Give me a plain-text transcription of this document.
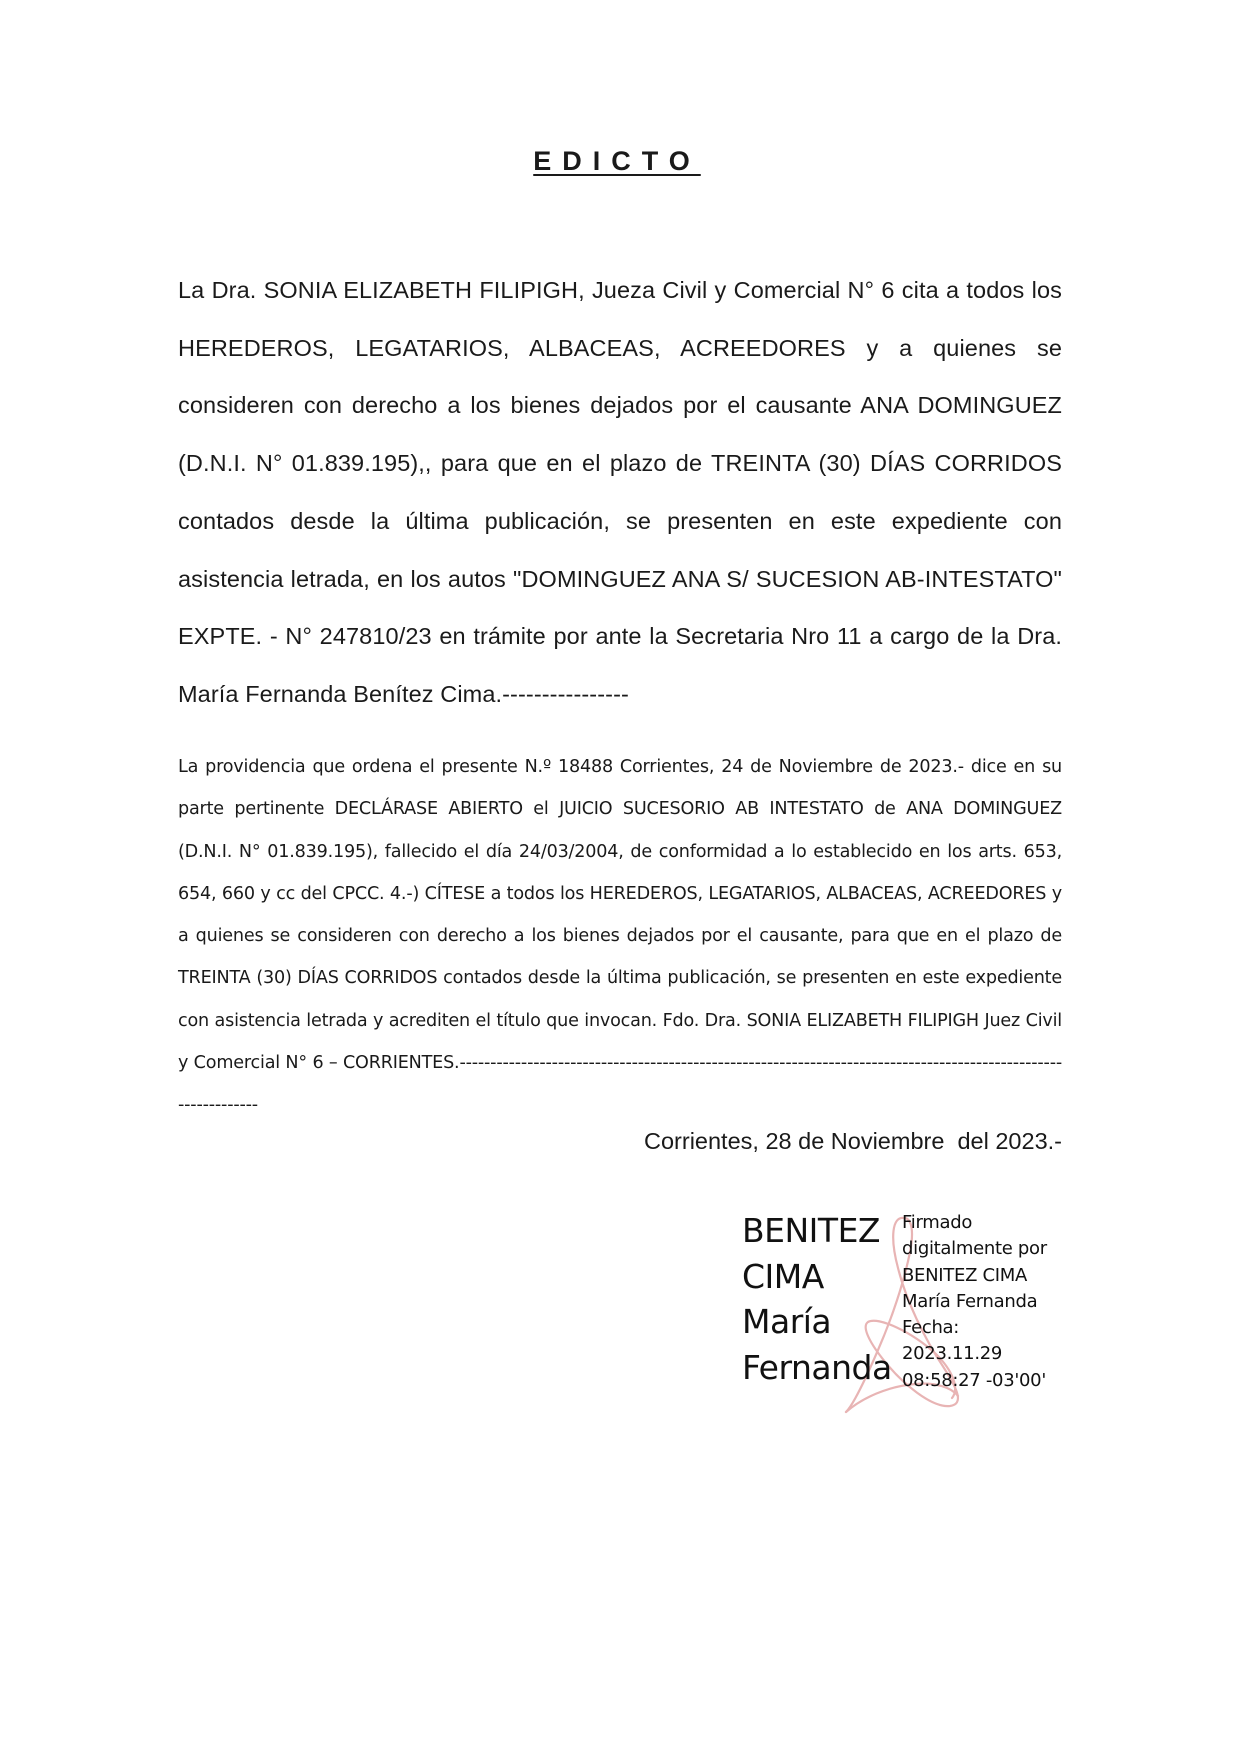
EDICTO
La Dra. SONIA ELIZABETH FILIPIGH, Jueza Civil y Comercial N° 6 cita a todos los HEREDEROS, LEGATARIOS, ALBACEAS, ACREEDORES y a quienes se consideren con derecho a los bienes dejados por el causante ANA DOMINGUEZ (D.N.I. N° 01.839.195),, para que en el plazo de TREINTA (30) DÍAS CORRIDOS contados desde la última publicación, se presenten en este expediente con asistencia letrada, en los autos "DOMINGUEZ ANA S/ SUCESION AB-INTESTATO" EXPTE. - N° 247810/23 en trámite por ante la Secretaria Nro 11 a cargo de la Dra. María Fernanda Benítez Cima.----------------
La providencia que ordena el presente N.º 18488 Corrientes, 24 de Noviembre de 2023.- dice en su parte pertinente DECLÁRASE ABIERTO el JUICIO SUCESORIO AB INTESTATO de ANA DOMINGUEZ (D.N.I. N° 01.839.195), fallecido el día 24/03/2004, de conformidad a lo establecido en los arts. 653, 654, 660 y cc del CPCC. 4.-) CÍTESE a todos los HEREDEROS, LEGATARIOS, ALBACEAS, ACREEDORES y a quienes se consideren con derecho a los bienes dejados por el causante, para que en el plazo de TREINTA (30) DÍAS CORRIDOS contados desde la última publicación, se presenten en este expediente con asistencia letrada y acrediten el título que invocan. Fdo. Dra. SONIA ELIZABETH FILIPIGH Juez Civil y Comercial N° 6 – CORRIENTES.---------------------------------------------------------------------------------------------------------------
Corrientes, 28 de Noviembre  del 2023.-
BENITEZ
CIMA
María
Fernanda
Firmado
digitalmente por
BENITEZ CIMA
María Fernanda
Fecha:
2023.11.29
08:58:27 -03'00'
